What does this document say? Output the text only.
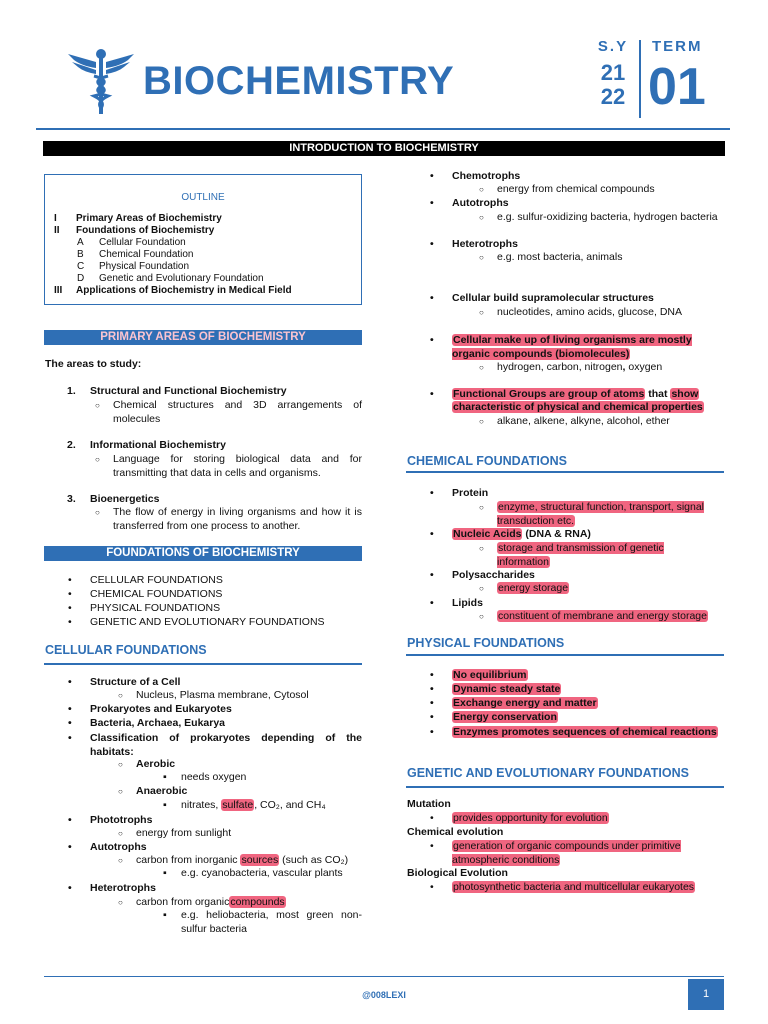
BIOCHEMISTRY
S.Y
21
22
TERM
01
INTRODUCTION TO BIOCHEMISTRY
OUTLINE
I Primary Areas of Biochemistry
II Foundations of Biochemistry
A Cellular Foundation
B Chemical Foundation
C Physical Foundation
D Genetic and Evolutionary Foundation
III Applications of Biochemistry in Medical Field
PRIMARY AREAS OF BIOCHEMISTRY
The areas to study:
1. Structural and Functional Biochemistry
○ Chemical structures and 3D arrangements of molecules
2. Informational Biochemistry
○ Language for storing biological data and for transmitting that data in cells and organisms.
3. Bioenergetics
○ The flow of energy in living organisms and how it is transferred from one process to another.
FOUNDATIONS OF BIOCHEMISTRY
• CELLULAR FOUNDATIONS
• CHEMICAL FOUNDATIONS
• PHYSICAL FOUNDATIONS
• GENETIC AND EVOLUTIONARY FOUNDATIONS
CELLULAR FOUNDATIONS
• Structure of a Cell
○ Nucleus, Plasma membrane, Cytosol
• Prokaryotes and Eukaryotes
• Bacteria, Archaea, Eukarya
• Classification of prokaryotes depending of the habitats:
○ Aerobic
▪ needs oxygen
○ Anaerobic
▪ nitrates, sulfate, CO₂, and CH₄
• Phototrophs
○ energy from sunlight
• Autotrophs
○ carbon from inorganic sources (such as CO₂)
▪ e.g. cyanobacteria, vascular plants
• Heterotrophs
○ carbon from organiccompounds
▪ e.g. heliobacteria, most green non-sulfur bacteria
• Chemotrophs
○ energy from chemical compounds
• Autotrophs
○ e.g. sulfur-oxidizing bacteria, hydrogen bacteria
• Heterotrophs
○ e.g. most bacteria, animals
• Cellular build supramolecular structures
○ nucleotides, amino acids, glucose, DNA
• Cellular make up of living organisms are mostly organic compounds (biomolecules)
○ hydrogen, carbon, nitrogen, oxygen
• Functional Groups are group of atoms that show
characteristic of physical and chemical properties
○ alkane, alkene, alkyne, alcohol, ether
CHEMICAL FOUNDATIONS
• Protein
○ enzyme, structural function, transport, signal transduction etc.
• Nucleic Acids (DNA & RNA)
○ storage and transmission of genetic information
• Polysaccharides
○ energy storage
• Lipids
○ constituent of membrane and energy storage
PHYSICAL FOUNDATIONS
• No equilibrium
• Dynamic steady state
• Exchange energy and matter
• Energy conservation
• Enzymes promotes sequences of chemical reactions
GENETIC AND EVOLUTIONARY FOUNDATIONS
Mutation
• provides opportunity for evolution
Chemical evolution
• generation of organic compounds under primitive atmospheric conditions
Biological Evolution
• photosynthetic bacteria and multicellular eukaryotes
@008LEXI	1
